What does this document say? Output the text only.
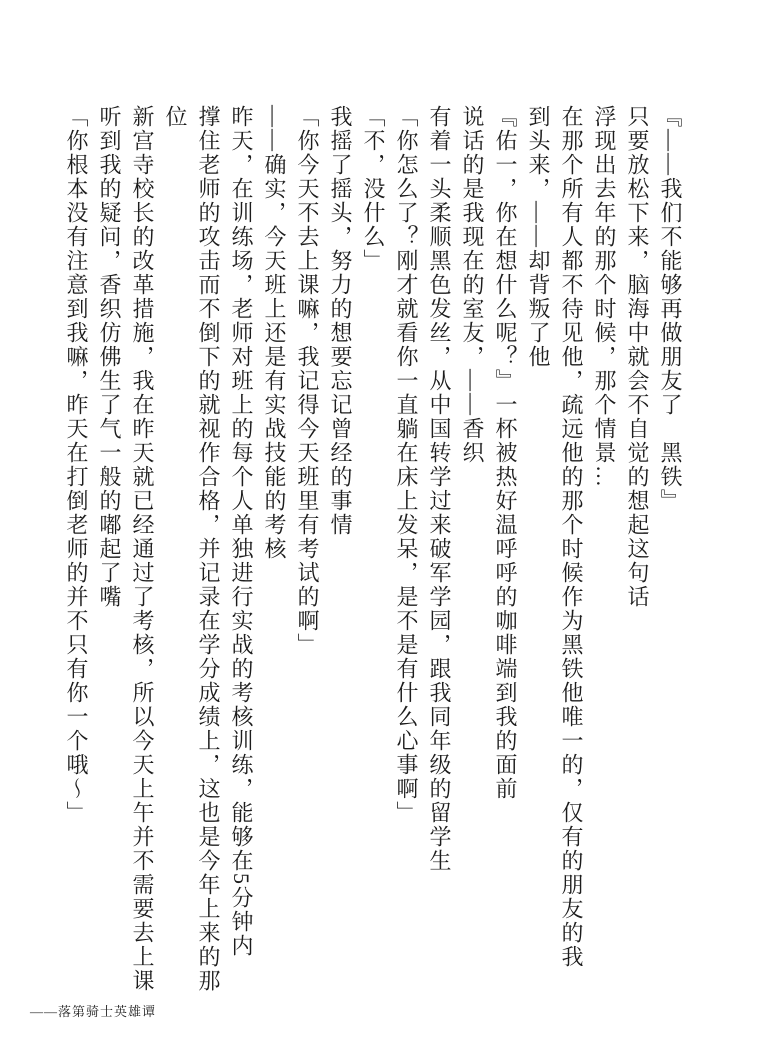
『——我们不能够再做朋友了　黑铁』

只要放松下来，脑海中就会不自觉的想起这句话

浮现出去年的那个时候，那个情景…

在那个所有人都不待见他，疏远他的那个时候作为黑铁他唯一的，仅有的朋友的我

到头来，——却背叛了他

『佑一，你在想什么呢？』一杯被热好温呼呼的咖啡端到我的面前

说话的是我现在的室友，——香织

有着一头柔顺黑色发丝，从中国转学过来破军学园，跟我同年级的留学生

「你怎么了？刚才就看你一直躺在床上发呆，是不是有什么心事啊」

「不，没什么」

我摇了摇头，努力的想要忘记曾经的事情

「你今天不去上课嘛，我记得今天班里有考试的啊」

——确实，今天班上还是有实战技能的考核

昨天，在训练场，老师对班上的每个人单独进行实战的考核训练，能够在5分钟内

撑住老师的攻击而不倒下的就视作合格，并记录在学分成绩上，这也是今年上来的那位

新宫寺校长的改革措施，我在昨天就已经通过了考核，所以今天上午并不需要去上课

听到我的疑问，香织仿佛生了气一般的嘟起了嘴

「你根本没有注意到我嘛，昨天在打倒老师的并不只有你一个哦～」

——落第骑士英雄谭
